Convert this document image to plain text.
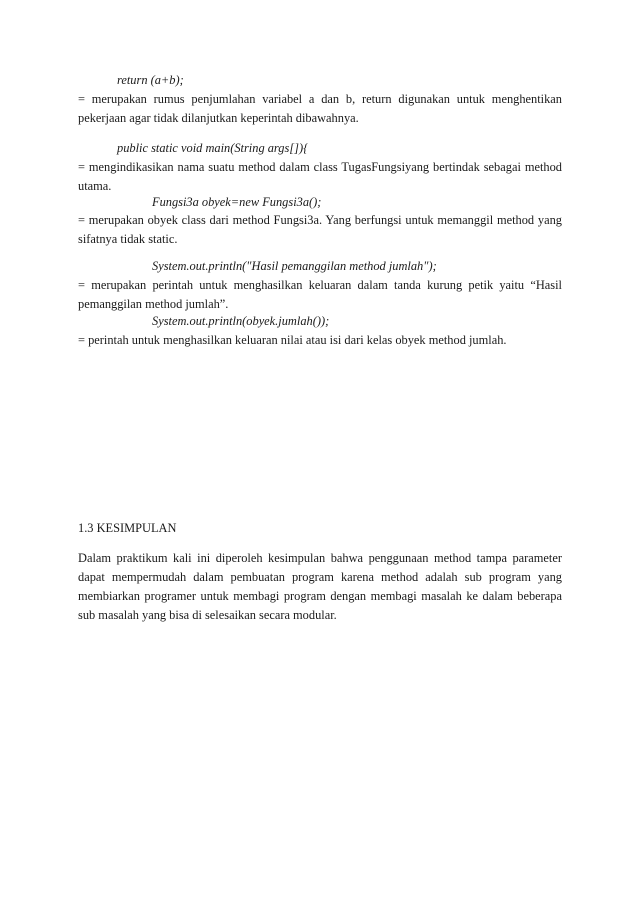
return (a+b);
= merupakan rumus penjumlahan variabel a dan b, return digunakan untuk menghentikan pekerjaan agar tidak dilanjutkan keperintah dibawahnya.
public static void main(String args[]){
= mengindikasikan nama suatu method dalam class TugasFungsiyang bertindak sebagai method utama.
Fungsi3a obyek=new Fungsi3a();
= merupakan obyek class dari method Fungsi3a. Yang berfungsi untuk memanggil method yang sifatnya tidak static.
System.out.println("Hasil pemanggilan method jumlah");
= merupakan perintah untuk menghasilkan keluaran dalam tanda kurung petik yaitu “Hasil pemanggilan method jumlah”.
System.out.println(obyek.jumlah());
= perintah untuk menghasilkan keluaran nilai atau isi dari kelas obyek method jumlah.
1.3 KESIMPULAN
Dalam praktikum kali ini diperoleh kesimpulan bahwa penggunaan method tampa parameter dapat mempermudah dalam pembuatan program karena method adalah sub program yang membiarkan programer untuk membagi program dengan membagi masalah ke dalam beberapa sub masalah yang bisa di selesaikan secara modular.
